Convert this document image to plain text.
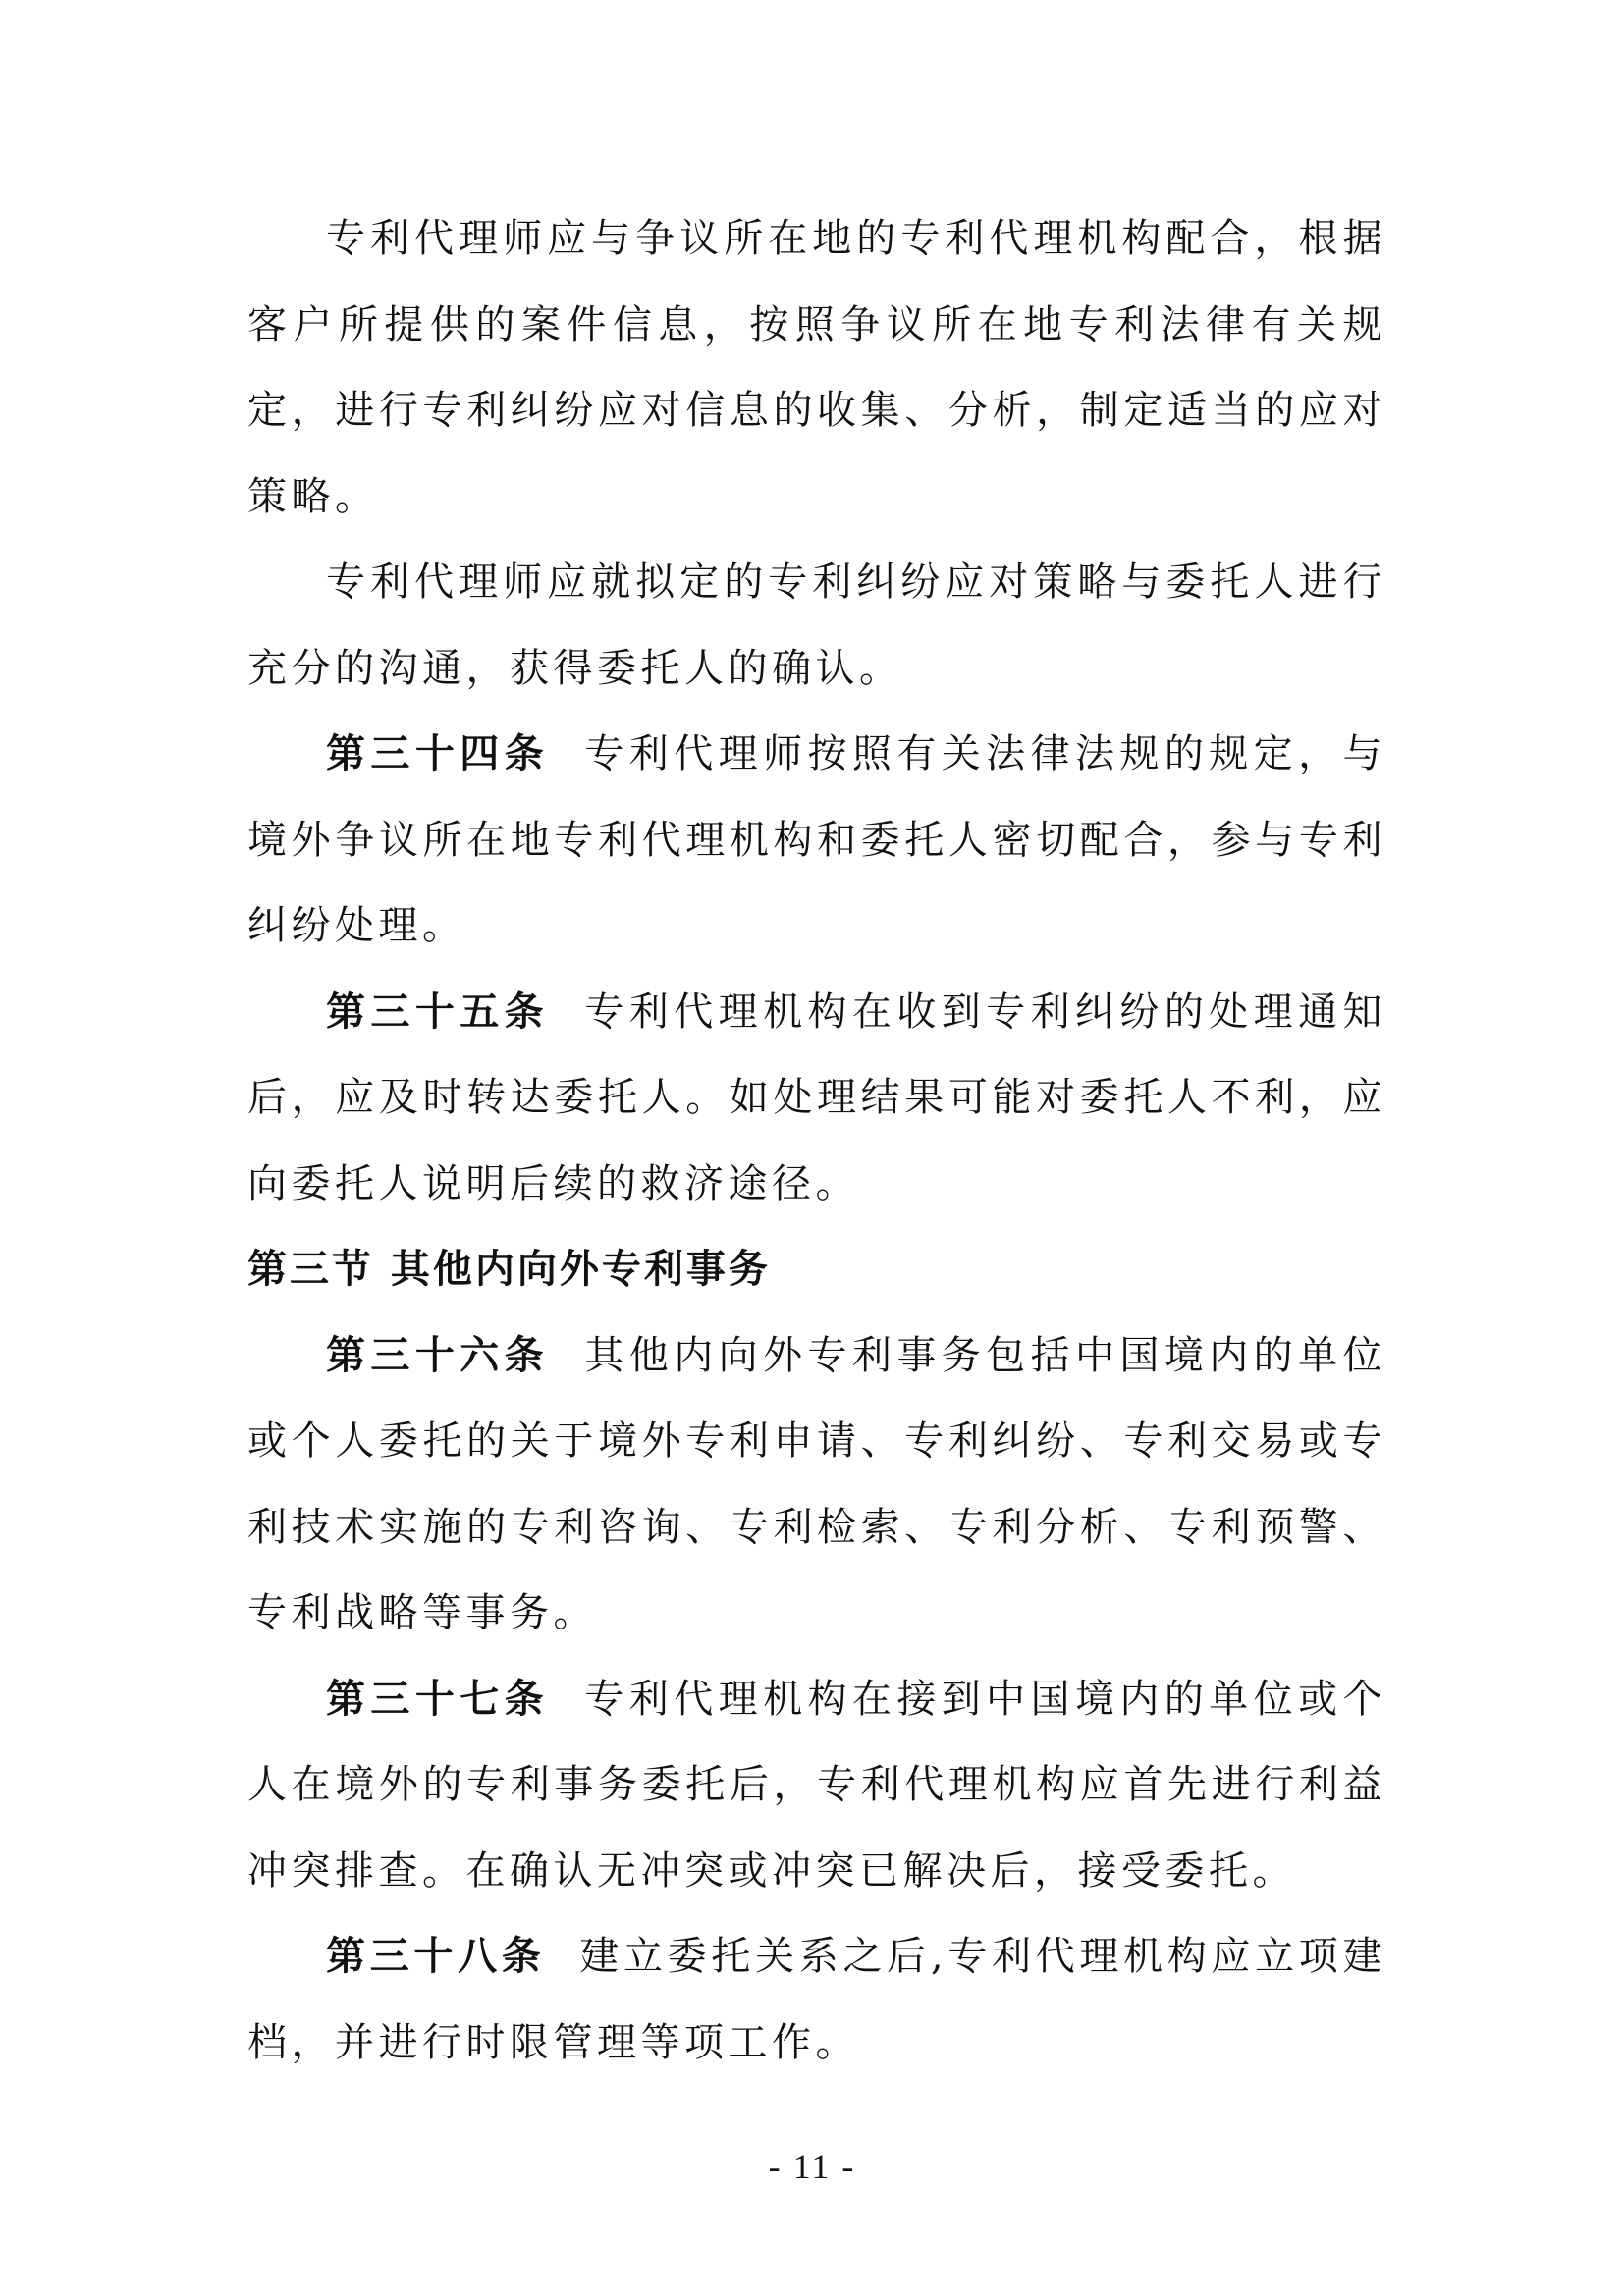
专利代理师应与争议所在地的专利代理机构配合，根据客户所提供的案件信息，按照争议所在地专利法律有关规定，进行专利纠纷应对信息的收集、分析，制定适当的应对策略。

专利代理师应就拟定的专利纠纷应对策略与委托人进行充分的沟通，获得委托人的确认。

第三十四条 专利代理师按照有关法律法规的规定，与境外争议所在地专利代理机构和委托人密切配合，参与专利纠纷处理。

第三十五条 专利代理机构在收到专利纠纷的处理通知后，应及时转达委托人。如处理结果可能对委托人不利，应向委托人说明后续的救济途径。

第三节 其他内向外专利事务

第三十六条 其他内向外专利事务包括中国境内的单位或个人委托的关于境外专利申请、专利纠纷、专利交易或专利技术实施的专利咨询、专利检索、专利分析、专利预警、专利战略等事务。

第三十七条 专利代理机构在接到中国境内的单位或个人在境外的专利事务委托后，专利代理机构应首先进行利益冲突排查。在确认无冲突或冲突已解决后，接受委托。

第三十八条 建立委托关系之后,专利代理机构应立项建档，并进行时限管理等项工作。

- 11 -
